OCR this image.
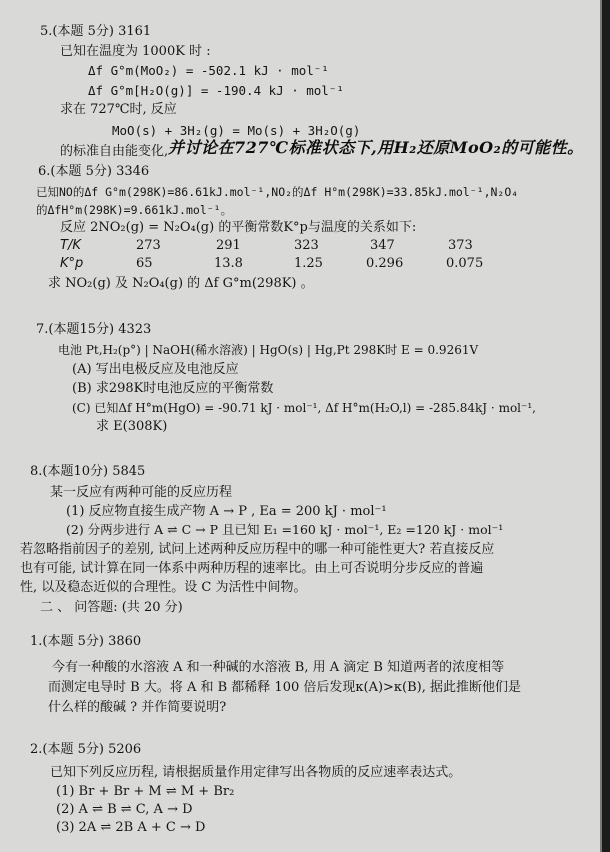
5.(本题 5分) 3161
已知在温度为 1000K 时 :
Δf G°m(MoO₂) = -502.1 kJ · mol⁻¹
Δf G°m[H₂O(g)] = -190.4 kJ · mol⁻¹
求在 727℃时, 反应
MoO(s) + 3H₂(g) = Mo(s) + 3H₂O(g)
的标准自由能变化, 并讨论在727℃标准状态下,用H₂还原MoO₂的可能性。
6.(本题 5分) 3346
已知NO的Δf G°m(298K)=86.61kJ.mol⁻¹,NO₂的Δf H°m(298K)=33.85kJ.mol⁻¹,N₂O₄
的ΔfH°m(298K)=9.661kJ.mol⁻¹。
反应 2NO₂(g) = N₂O₄(g) 的平衡常数K°p与温度的关系如下:
T/K	273	291	323	347	373
K°p	65	13.8	1.25	0.296	0.075
求 NO₂(g) 及 N₂O₄(g) 的 Δf G°m(298K) 。
7.(本题15分) 4323
电池 Pt,H₂(p°) | NaOH(稀水溶液) | HgO(s) | Hg,Pt 298K时 E = 0.9261V
(A) 写出电极反应及电池反应
(B) 求298K时电池反应的平衡常数
(C) 已知Δf H°m(HgO) = -90.71 kJ · mol⁻¹, Δf H°m(H₂O,l) = -285.84kJ · mol⁻¹,
求 E(308K)
8.(本题10分) 5845
某一反应有两种可能的反应历程
(1) 反应物直接生成产物 A → P , Ea = 200 kJ · mol⁻¹
(2) 分两步进行 A ⇌ C → P 且已知 E₁ =160 kJ · mol⁻¹, E₂ =120 kJ · mol⁻¹
若忽略指前因子的差别, 试问上述两种反应历程中的哪一种可能性更大? 若直接反应
也有可能, 试计算在同一体系中两种历程的速率比。由上可否说明分步反应的普遍
性, 以及稳态近似的合理性。设 C 为活性中间物。
二 、 问答题: (共 20 分)
1.(本题 5分) 3860
今有一种酸的水溶液 A 和一种碱的水溶液 B, 用 A 滴定 B 知道两者的浓度相等
而测定电导时 B 大。将 A 和 B 都稀释 100 倍后发现κ(A)>κ(B), 据此推断他们是
什么样的酸碱 ? 并作简要说明?
2.(本题 5分) 5206
已知下列反应历程, 请根据质量作用定律写出各物质的反应速率表达式。
(1) Br + Br + M ⇌ M + Br₂
(2) A ⇌ B ⇌ C, A → D
(3) 2A ⇌ 2B A + C → D
